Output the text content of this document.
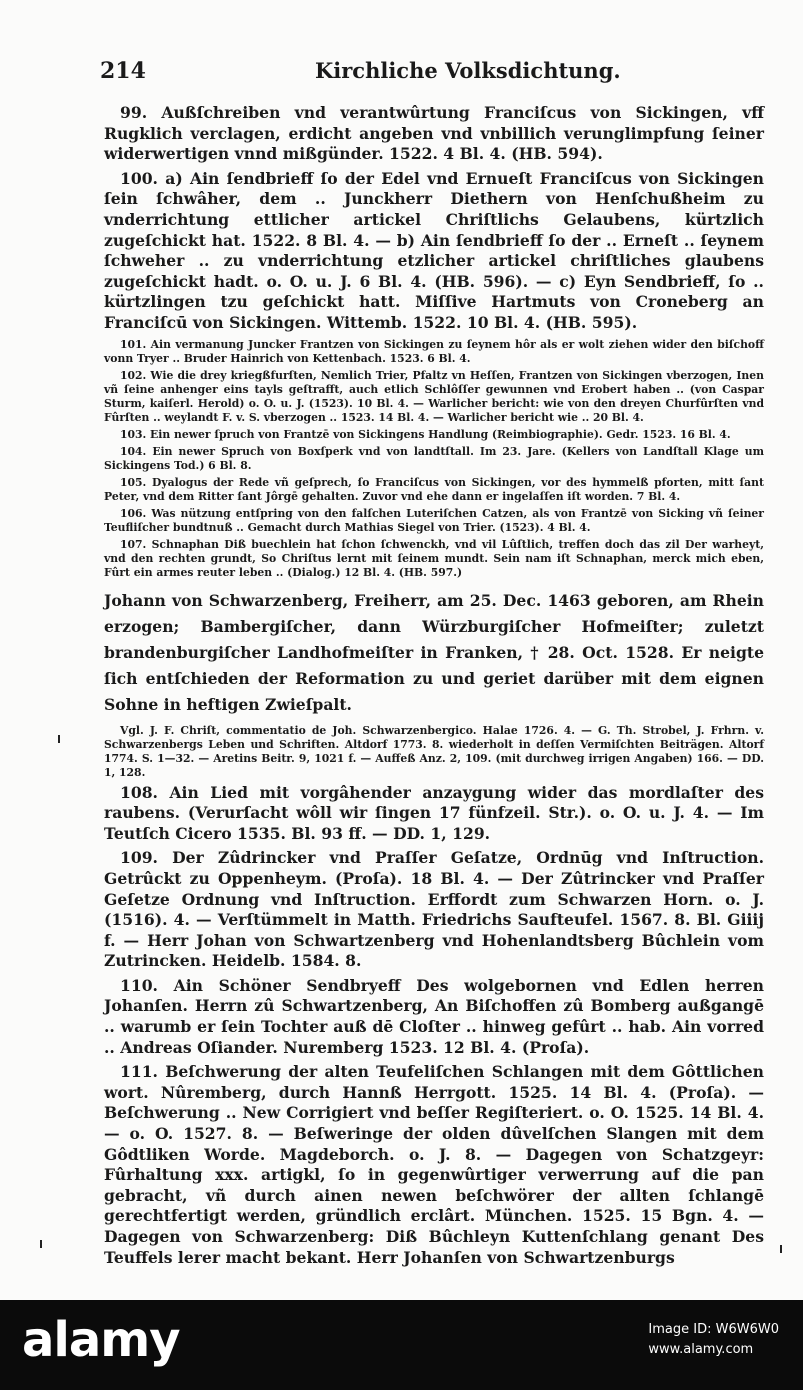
214	Kirchliche Volksdichtung.

99. Außſchreiben vnd verantwûrtung Franciſcus von Sickingen, vff Rugklich verclagen, erdicht angeben vnd vnbillich verunglimpfung ſeiner widerwertigen vnnd mißgünder. 1522. 4 Bl. 4. (HB. 594).

100. a) Ain ſendbrieff ſo der Edel vnd Ernueſt Franciſcus von Sickingen ſein ſchwâher, dem .. Junckherr Diethern von Henſchußheim zu vnderrichtung ettlicher artickel Chriſtlichs Gelaubens, kürtzlich zugeſchickt hat. 1522. 8 Bl. 4. — b) Ain ſendbrieff ſo der .. Erneſt .. ſeynem ſchweher .. zu vnderrichtung etzlicher artickel chriſtliches glaubens zugeſchickt hadt. o. O. u. J. 6 Bl. 4. (HB. 596). — c) Eyn Sendbrieff, ſo .. kürtzlingen tzu geſchickt hatt. Miſſive Hartmuts von Croneberg an Franciſcū von Sickingen. Wittemb. 1522. 10 Bl. 4. (HB. 595).

101. Ain vermanung Juncker Frantzen von Sickingen zu ſeynem hôr als er wolt ziehen wider den biſchoff vonn Tryer .. Bruder Hainrich von Kettenbach. 1523. 6 Bl. 4.

102. Wie die drey kriegßfurſten, Nemlich Trier, Pfaltz vn Heſſen, Frantzen von Sickingen vberzogen, Inen vñ ſeine anhenger eins tayls geſtrafft, auch etlich Schlôſſer gewunnen vnd Erobert haben .. (von Caspar Sturm, kaiſerl. Herold) o. O. u. J. (1523). 10 Bl. 4. — Warlicher bericht: wie von den dreyen Churfûrſten vnd Fûrſten .. weylandt F. v. S. vberzogen .. 1523. 14 Bl. 4. — Warlicher bericht wie .. 20 Bl. 4.

103. Ein newer ſpruch von Frantzē von Sickingens Handlung (Reimbiographie). Gedr. 1523. 16 Bl. 4.

104. Ein newer Spruch von Boxſperk vnd von landtſtall. Im 23. Jare. (Kellers von Landſtall Klage um Sickingens Tod.) 6 Bl. 8.

105. Dyalogus der Rede vñ geſprech, ſo Franciſcus von Sickingen, vor des hymmelß pforten, mitt ſant Peter, vnd dem Ritter ſant Jôrgē gehalten. Zuvor vnd ehe dann er ingelaſſen iſt worden. 7 Bl. 4.

106. Was nützung entſpring von den falſchen Luteriſchen Catzen, als von Frantzē von Sicking vñ ſeiner Teufliſcher bundtnuß .. Gemacht durch Mathias Siegel von Trier. (1523). 4 Bl. 4.

107. Schnaphan Diß buechlein hat ſchon ſchwenckh, vnd vil Lûſtlich, treffen doch das zil Der warheyt, vnd den rechten grundt, So Chriſtus lernt mit ſeinem mundt. Sein nam iſt Schnaphan, merck mich eben, Fûrt ein armes reuter leben .. (Dialog.) 12 Bl. 4. (HB. 597.)

Johann von Schwarzenberg, Freiherr, am 25. Dec. 1463 geboren, am Rhein erzogen; Bambergiſcher, dann Würzburgiſcher Hofmeiſter; zuletzt brandenburgiſcher Landhofmeiſter in Franken, † 28. Oct. 1528. Er neigte ſich entſchieden der Reformation zu und geriet darüber mit dem eignen Sohne in heftigen Zwieſpalt.

Vgl. J. F. Chriſt, commentatio de Joh. Schwarzenbergico. Halae 1726. 4. — G. Th. Strobel, J. Frhrn. v. Schwarzenbergs Leben und Schriften. Altdorf 1773. 8. wiederholt in deſſen Vermiſchten Beiträgen. Altorf 1774. S. 1—32. — Aretins Beitr. 9, 1021 f. — Auffeß Anz. 2, 109. (mit durchweg irrigen Angaben) 166. — DD. 1, 128.

108. Ain Lied mit vorgâhender anzaygung wider das mordlaſter des raubens. (Verurſacht wôll wir ſingen 17 fünfzeil. Str.). o. O. u. J. 4. — Im Teutſch Cicero 1535. Bl. 93 ff. — DD. 1, 129.

109. Der Zûdrincker vnd Praſſer Geſatze, Ordnūg vnd Inſtruction. Getrûckt zu Oppenheym. (Proſa). 18 Bl. 4. — Der Zûtrincker vnd Praſſer Geſetze Ordnung vnd Inſtruction. Erffordt zum Schwarzen Horn. o. J. (1516). 4. — Verſtümmelt in Matth. Friedrichs Saufteufel. 1567. 8. Bl. Giiij f. — Herr Johan von Schwartzenberg vnd Hohenlandtsberg Bûchlein vom Zutrincken. Heidelb. 1584. 8.

110. Ain Schöner Sendbryeff Des wolgebornen vnd Edlen herren Johanſen. Herrn zû Schwartzenberg, An Biſchoffen zû Bomberg außgangē .. warumb er ſein Tochter auß dē Cloſter .. hinweg gefûrt .. hab. Ain vorred .. Andreas Oſiander. Nuremberg 1523. 12 Bl. 4. (Proſa).

111. Beſchwerung der alten Teufeliſchen Schlangen mit dem Gôttlichen wort. Nûremberg, durch Hannß Herrgott. 1525. 14 Bl. 4. (Proſa). — Beſchwerung .. New Corrigiert vnd beſſer Regiſteriert. o. O. 1525. 14 Bl. 4. — o. O. 1527. 8. — Beſweringe der olden dûvelſchen Slangen mit dem Gôdtliken Worde. Magdeborch. o. J. 8. — Dagegen von Schatzgeyr: Fûrhaltung xxx. artigkl, ſo in gegenwûrtiger verwerrung auf die pan gebracht, vñ durch ainen newen beſchwörer der allten ſchlangē gerechtfertigt werden, gründlich erclârt. München. 1525. 15 Bgn. 4. — Dagegen von Schwarzenberg: Diß Bûchleyn Kuttenſchlang genant Des Teuffels lerer macht bekant. Herr Johanſen von Schwartzenburgs

alamy	Image ID: W6W6W0
www.alamy.com
